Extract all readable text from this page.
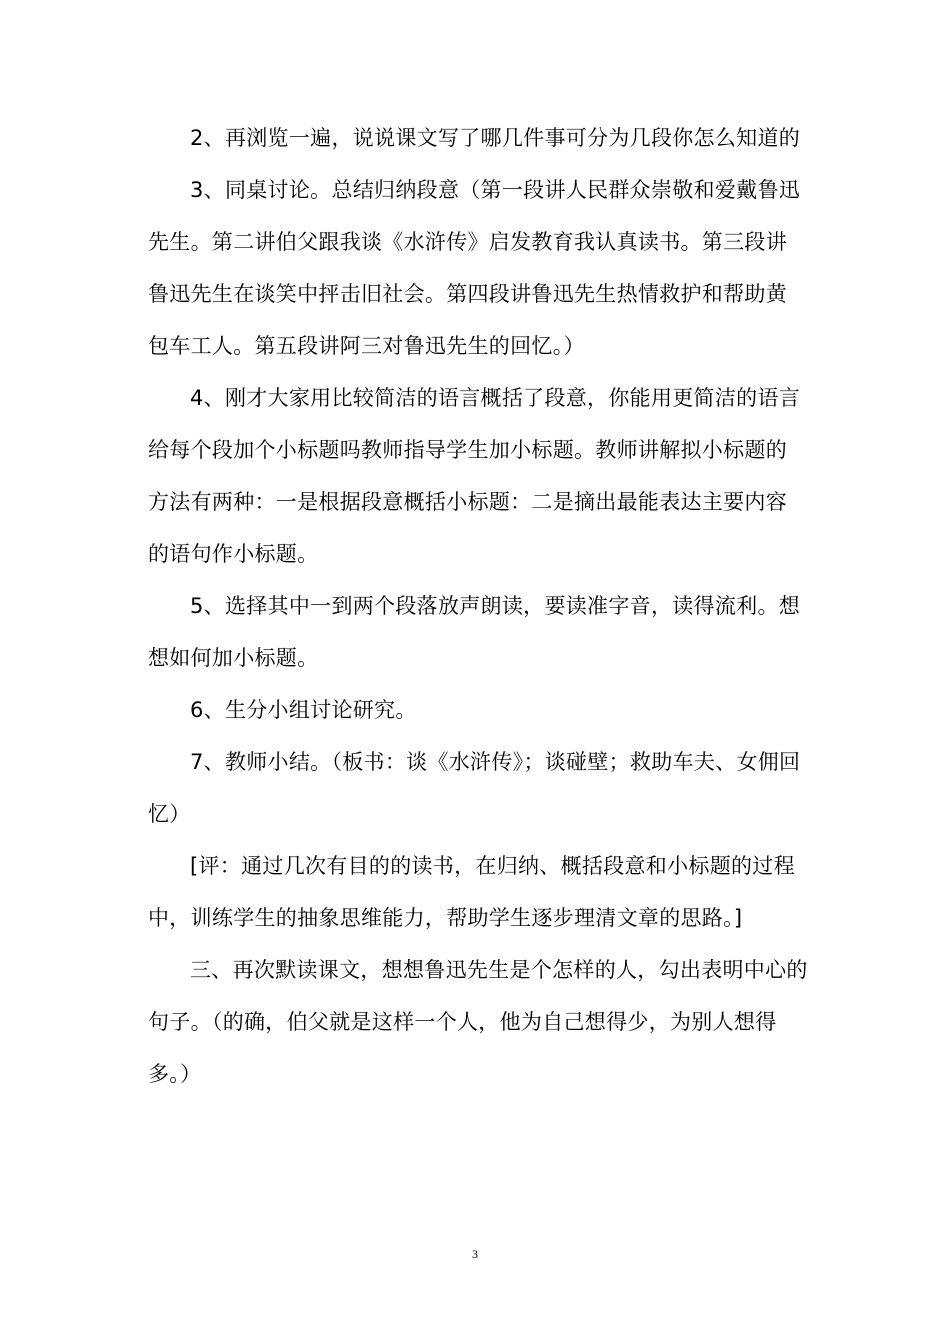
2、再浏览一遍，说说课文写了哪几件事可分为几段你怎么知道的

3、同桌讨论。总结归纳段意（第一段讲人民群众崇敬和爱戴鲁迅先生。第二讲伯父跟我谈《水浒传》启发教育我认真读书。第三段讲鲁迅先生在谈笑中抨击旧社会。第四段讲鲁迅先生热情救护和帮助黄包车工人。第五段讲阿三对鲁迅先生的回忆。）

4、刚才大家用比较简洁的语言概括了段意，你能用更简洁的语言给每个段加个小标题吗教师指导学生加小标题。教师讲解拟小标题的方法有两种：一是根据段意概括小标题：二是摘出最能表达主要内容的语句作小标题。

5、选择其中一到两个段落放声朗读，要读准字音，读得流利。想想如何加小标题。

6、生分小组讨论研究。

7、教师小结。（板书：谈《水浒传》；谈碰壁；救助车夫、女佣回忆）

[评：通过几次有目的的读书，在归纳、概括段意和小标题的过程中，训练学生的抽象思维能力，帮助学生逐步理清文章的思路。]

三、再次默读课文，想想鲁迅先生是个怎样的人，勾出表明中心的句子。（的确，伯父就是这样一个人，他为自己想得少，为别人想得多。）

3
